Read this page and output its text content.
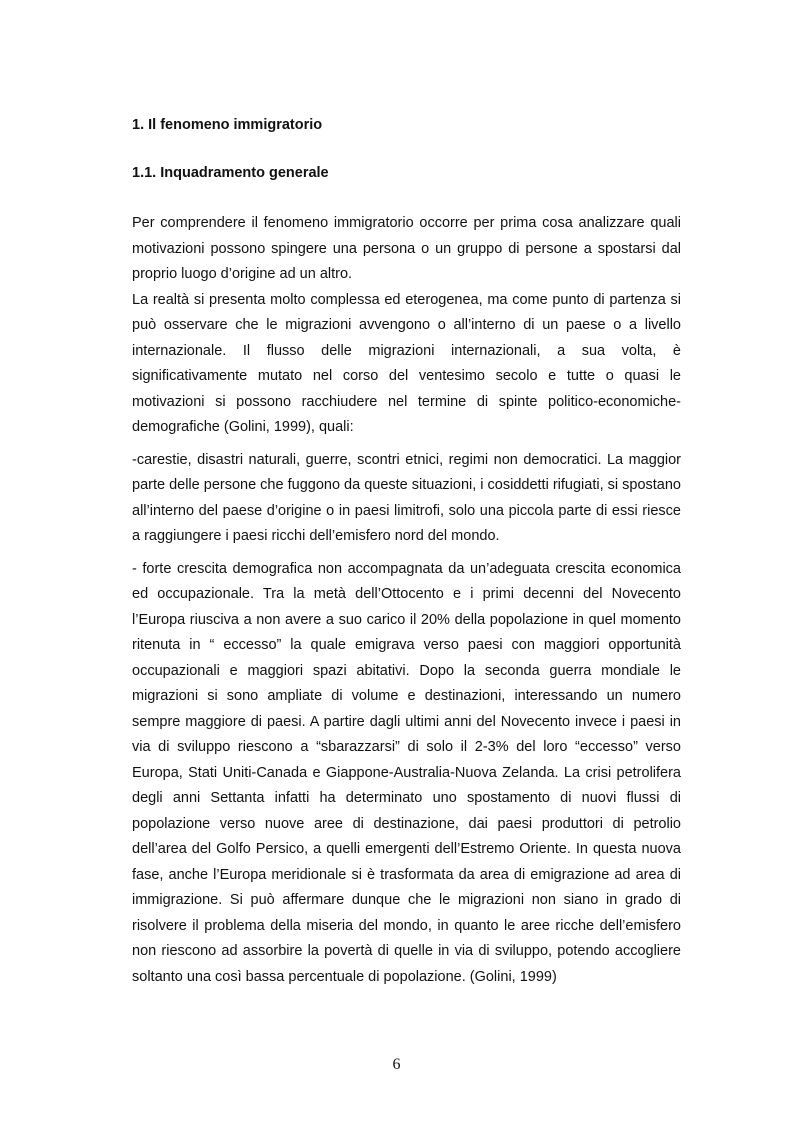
1. Il fenomeno immigratorio
1.1. Inquadramento generale

Per comprendere il fenomeno immigratorio occorre per prima cosa analizzare quali motivazioni possono spingere una persona o un gruppo di persone a spostarsi dal proprio luogo d’origine ad un altro.

La realtà si presenta molto complessa ed eterogenea, ma come punto di partenza si può osservare che le migrazioni avvengono o all’interno di un paese o a livello internazionale. Il flusso delle migrazioni internazionali, a sua volta, è significativamente mutato nel corso del ventesimo secolo e tutte o quasi le motivazioni si possono racchiudere nel termine di spinte politico-economiche-demografiche (Golini, 1999), quali:

-carestie, disastri naturali, guerre, scontri etnici, regimi non democratici. La maggior parte delle persone che fuggono da queste situazioni, i cosiddetti rifugiati, si spostano all’interno del paese d’origine o in paesi limitrofi, solo una piccola parte di essi riesce a raggiungere i paesi ricchi dell’emisfero nord del mondo.

- forte crescita demografica non accompagnata da un’adeguata crescita economica ed occupazionale. Tra la metà dell’Ottocento e i primi decenni del Novecento l’Europa riusciva a non avere a suo carico il 20% della popolazione in quel momento ritenuta in “ eccesso” la quale emigrava verso paesi con maggiori opportunità occupazionali e maggiori spazi abitativi. Dopo la seconda guerra mondiale le migrazioni si sono ampliate di volume e destinazioni, interessando un numero sempre maggiore di paesi. A partire dagli ultimi anni del Novecento invece i paesi in via di sviluppo riescono a “sbarazzarsi” di solo il 2-3% del loro “eccesso” verso Europa, Stati Uniti-Canada e Giappone-Australia-Nuova Zelanda. La crisi petrolifera degli anni Settanta infatti ha determinato uno spostamento di nuovi flussi di popolazione verso nuove aree di destinazione, dai paesi produttori di petrolio dell’area del Golfo Persico, a quelli emergenti dell’Estremo Oriente. In questa nuova fase, anche l’Europa meridionale si è trasformata da area di emigrazione ad area di immigrazione. Si può affermare dunque che le migrazioni non siano in grado di risolvere il problema della miseria del mondo, in quanto le aree ricche dell’emisfero non riescono ad assorbire la povertà di quelle in via di sviluppo, potendo accogliere soltanto una così bassa percentuale di popolazione. (Golini, 1999)

6
